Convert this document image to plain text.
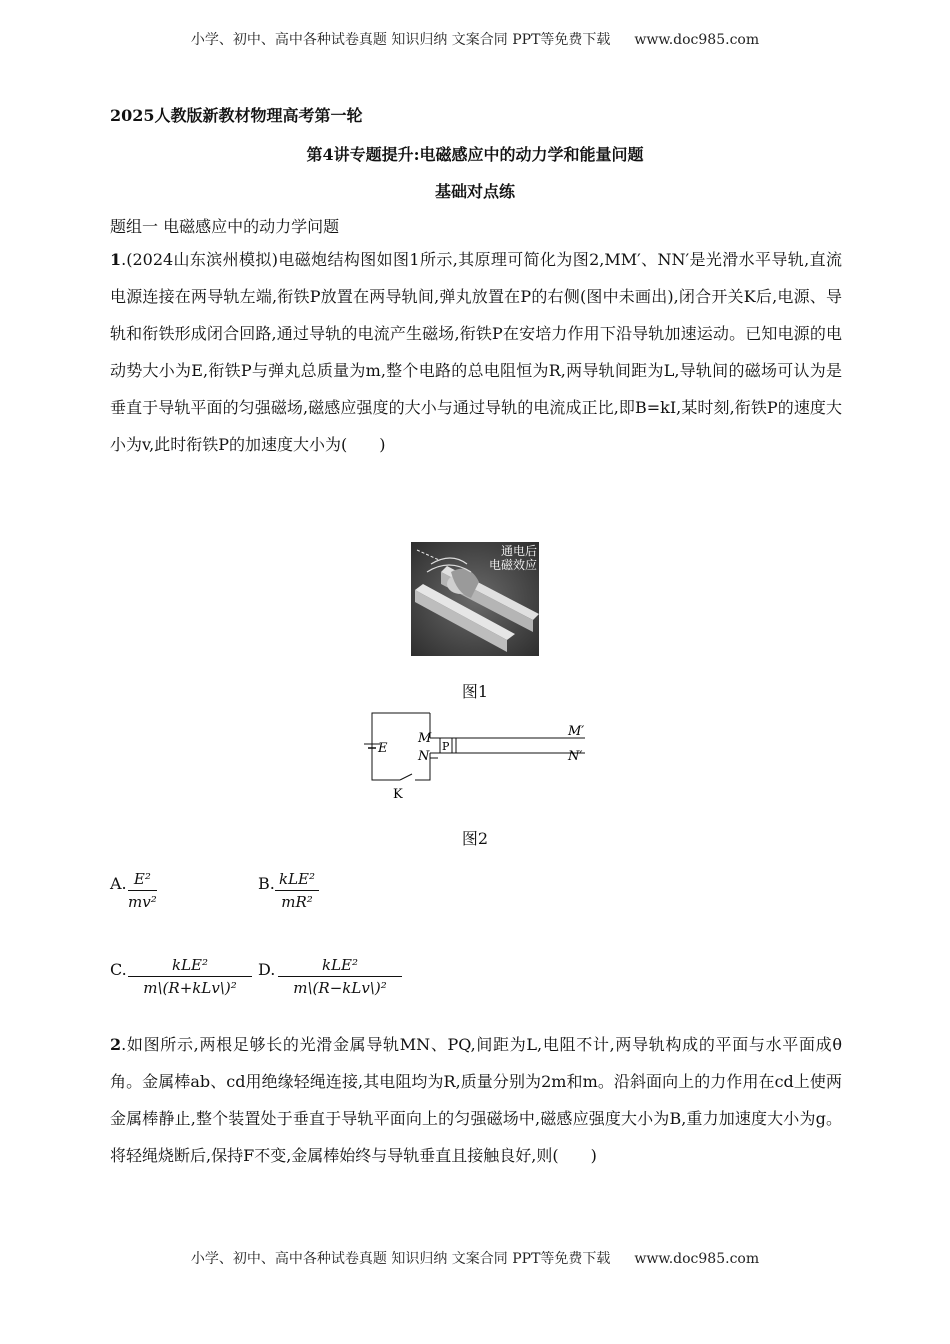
小学、初中、高中各种试卷真题 知识归纳 文案合同 PPT等免费下载 www.doc985.com
2025人教版新教材物理高考第一轮
第4讲专题提升:电磁感应中的动力学和能量问题
基础对点练
题组一 电磁感应中的动力学问题
1.(2024山东滨州模拟)电磁炮结构图如图1所示,其原理可简化为图2,MM′、NN′是光滑水平导轨,直流电源连接在两导轨左端,衔铁P放置在两导轨间,弹丸放置在P的右侧(图中未画出),闭合开关K后,电源、导轨和衔铁形成闭合回路,通过导轨的电流产生磁场,衔铁P在安培力作用下沿导轨加速运动。已知电源的电动势大小为E,衔铁P与弹丸总质量为m,整个电路的总电阻恒为R,两导轨间距为L,导轨间的磁场可认为是垂直于导轨平面的匀强磁场,磁感应强度的大小与通过导轨的电流成正比,即B=kI,某时刻,衔铁P的速度大小为v,此时衔铁P的加速度大小为(　　)
通电后
电磁效应
图1
E
M
N
P
M′
N′
K
图2
A. $\frac{\text{E²}}{\text{mv²}}$	B. kLE²
mR²
C.	kLE²
m\(R+kLv\)²
D.	kLE²
m\(R−kLv\)²
2.如图所示,两根足够长的光滑金属导轨MN、PQ,间距为L,电阻不计,两导轨构成的平面与水平面成θ角。金属棒ab、cd用绝缘轻绳连接,其电阻均为R,质量分别为2m和m。沿斜面向上的力作用在cd上使两金属棒静止,整个装置处于垂直于导轨平面向上的匀强磁场中,磁感应强度大小为B,重力加速度大小为g。将轻绳烧断后,保持F不变,金属棒始终与导轨垂直且接触良好,则(　　)
小学、初中、高中各种试卷真题 知识归纳 文案合同 PPT等免费下载 www.doc985.com
